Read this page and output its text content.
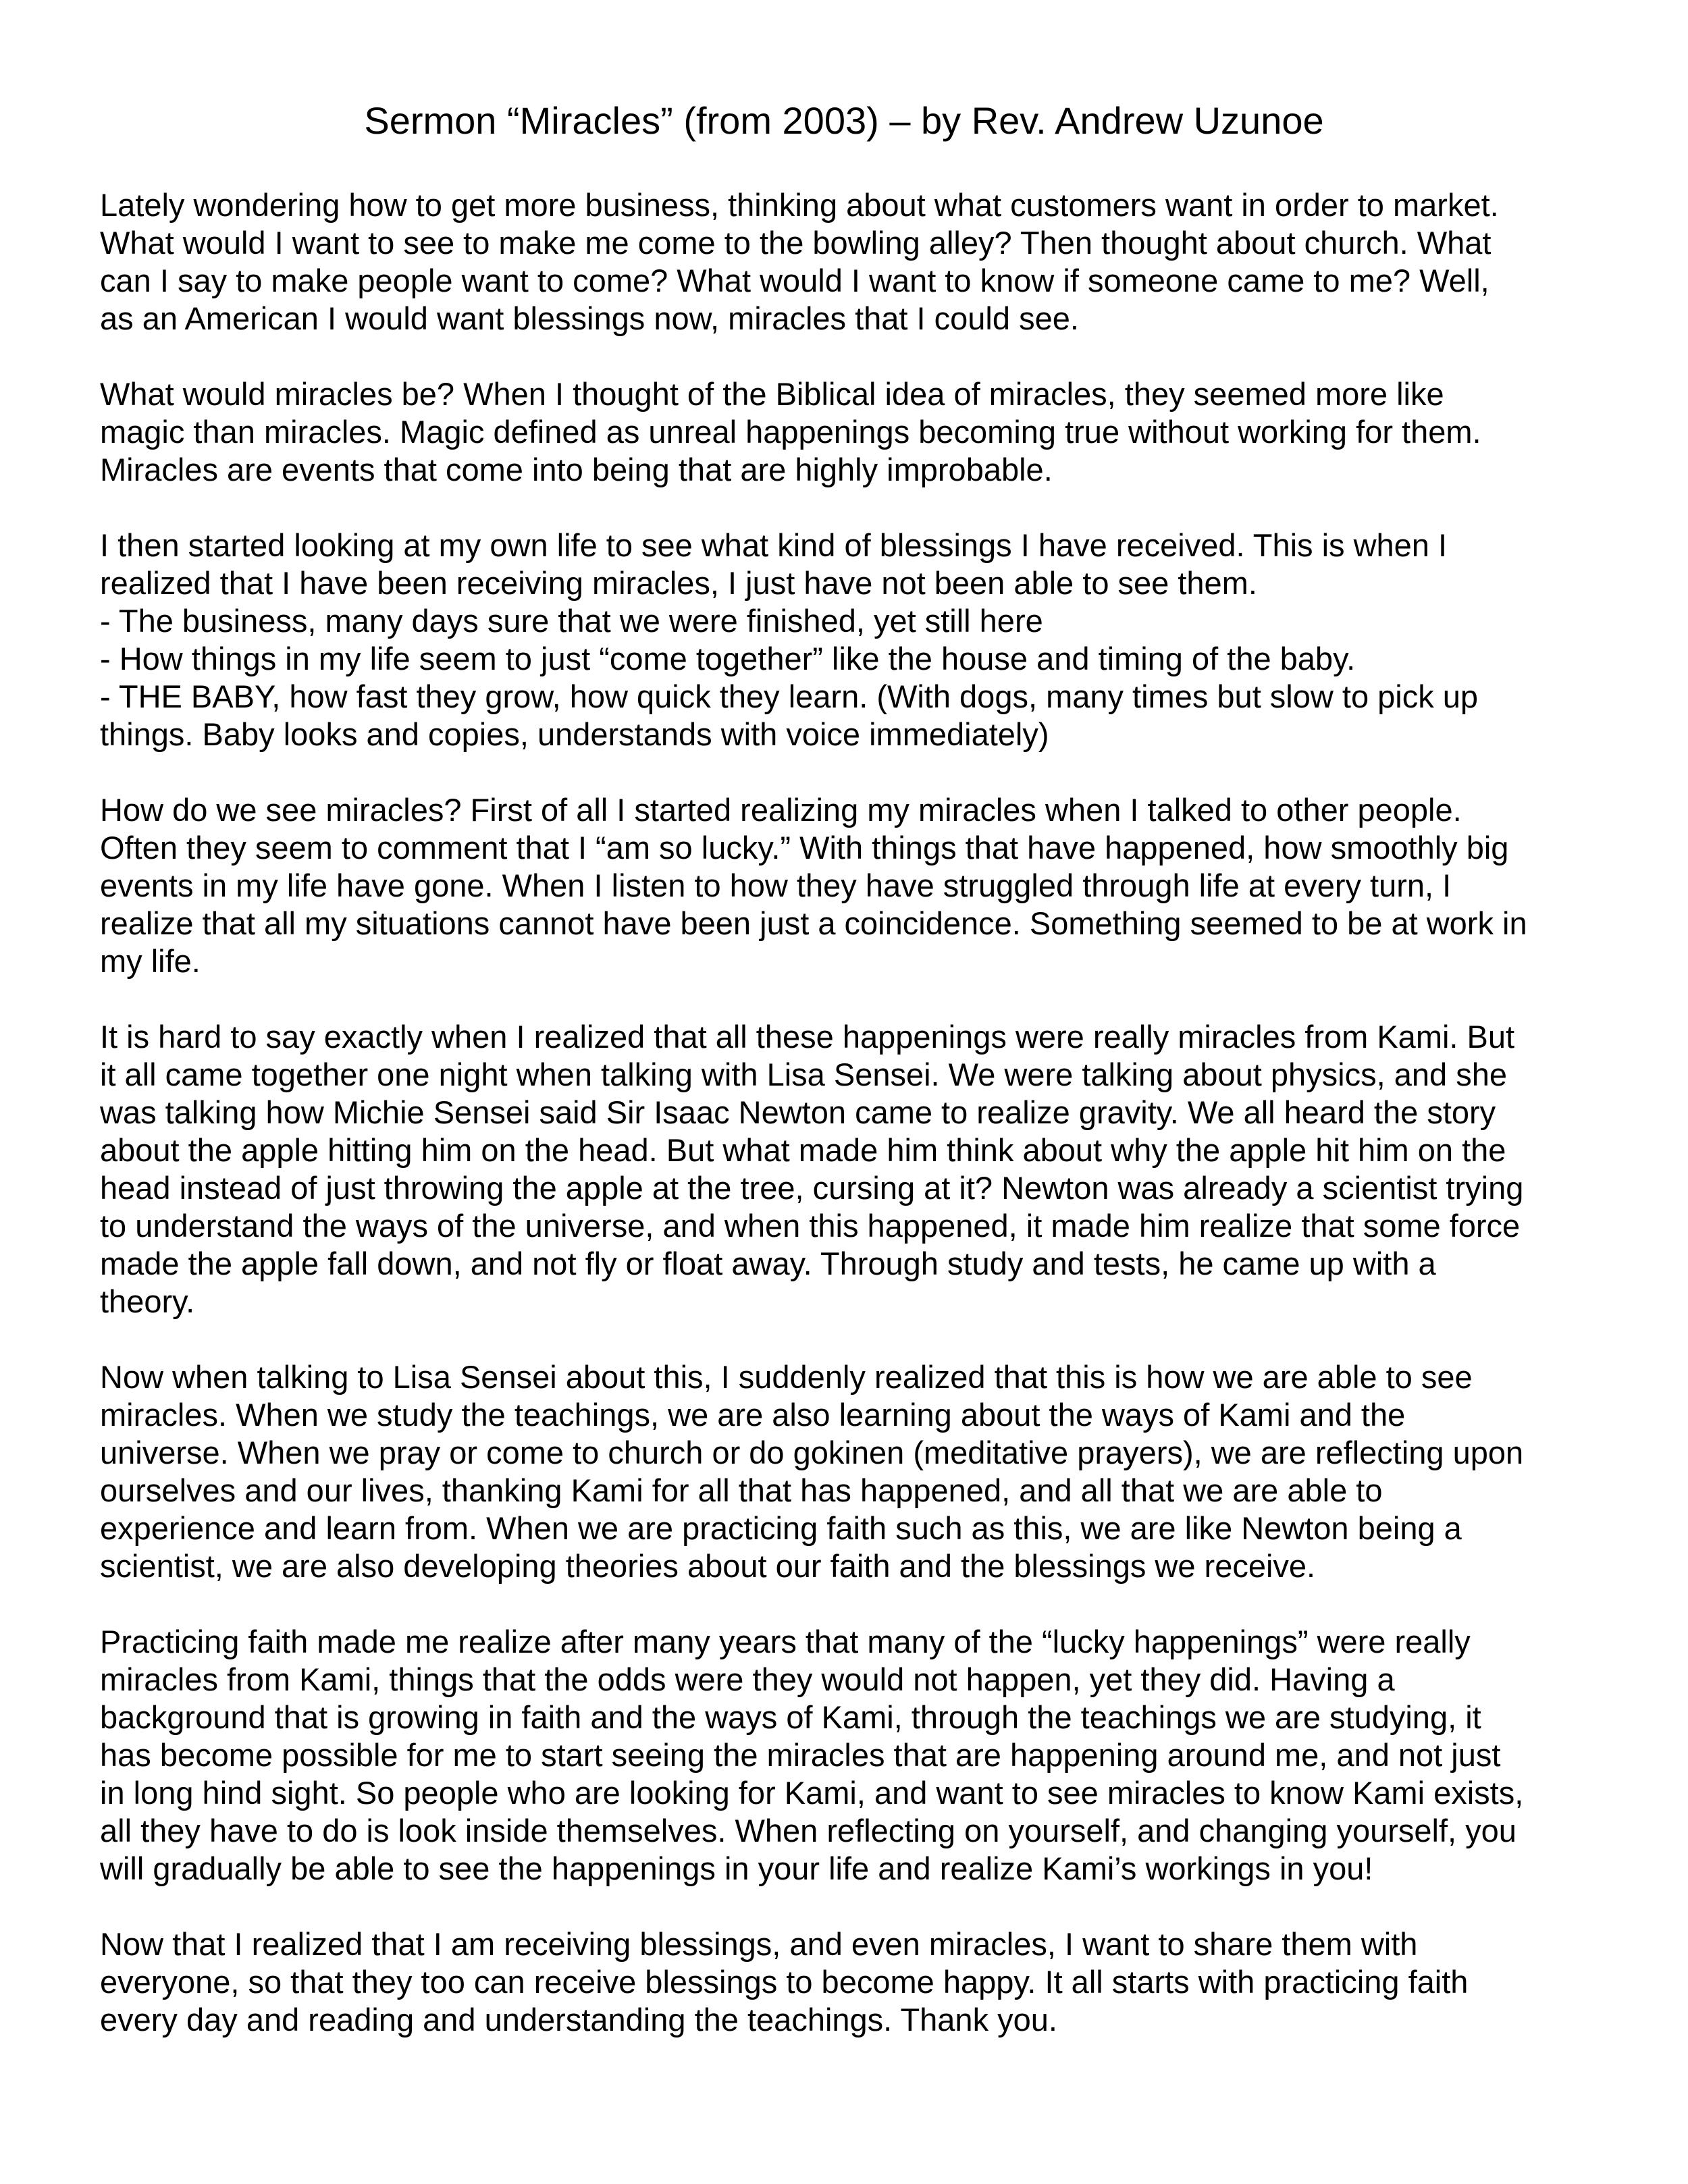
Sermon “Miracles” (from 2003) – by Rev. Andrew Uzunoe

Lately wondering how to get more business, thinking about what customers want in order to market.
What would I want to see to make me come to the bowling alley? Then thought about church. What
can I say to make people want to come? What would I want to know if someone came to me? Well,
as an American I would want blessings now, miracles that I could see.

What would miracles be? When I thought of the Biblical idea of miracles, they seemed more like
magic than miracles. Magic defined as unreal happenings becoming true without working for them.
Miracles are events that come into being that are highly improbable.

I then started looking at my own life to see what kind of blessings I have received. This is when I
realized that I have been receiving miracles, I just have not been able to see them.
- The business, many days sure that we were finished, yet still here
- How things in my life seem to just “come together” like the house and timing of the baby.
- THE BABY, how fast they grow, how quick they learn. (With dogs, many times but slow to pick up
things. Baby looks and copies, understands with voice immediately)

How do we see miracles? First of all I started realizing my miracles when I talked to other people.
Often they seem to comment that I “am so lucky.” With things that have happened, how smoothly big
events in my life have gone. When I listen to how they have struggled through life at every turn, I
realize that all my situations cannot have been just a coincidence. Something seemed to be at work in
my life.

It is hard to say exactly when I realized that all these happenings were really miracles from Kami. But
it all came together one night when talking with Lisa Sensei. We were talking about physics, and she
was talking how Michie Sensei said Sir Isaac Newton came to realize gravity. We all heard the story
about the apple hitting him on the head. But what made him think about why the apple hit him on the
head instead of just throwing the apple at the tree, cursing at it? Newton was already a scientist trying
to understand the ways of the universe, and when this happened, it made him realize that some force
made the apple fall down, and not fly or float away. Through study and tests, he came up with a
theory.

Now when talking to Lisa Sensei about this, I suddenly realized that this is how we are able to see
miracles. When we study the teachings, we are also learning about the ways of Kami and the
universe. When we pray or come to church or do gokinen (meditative prayers), we are reflecting upon
ourselves and our lives, thanking Kami for all that has happened, and all that we are able to
experience and learn from. When we are practicing faith such as this, we are like Newton being a
scientist, we are also developing theories about our faith and the blessings we receive.

Practicing faith made me realize after many years that many of the “lucky happenings” were really
miracles from Kami, things that the odds were they would not happen, yet they did. Having a
background that is growing in faith and the ways of Kami, through the teachings we are studying, it
has become possible for me to start seeing the miracles that are happening around me, and not just
in long hind sight. So people who are looking for Kami, and want to see miracles to know Kami exists,
all they have to do is look inside themselves. When reflecting on yourself, and changing yourself, you
will gradually be able to see the happenings in your life and realize Kami’s workings in you!

Now that I realized that I am receiving blessings, and even miracles, I want to share them with
everyone, so that they too can receive blessings to become happy. It all starts with practicing faith
every day and reading and understanding the teachings. Thank you.
